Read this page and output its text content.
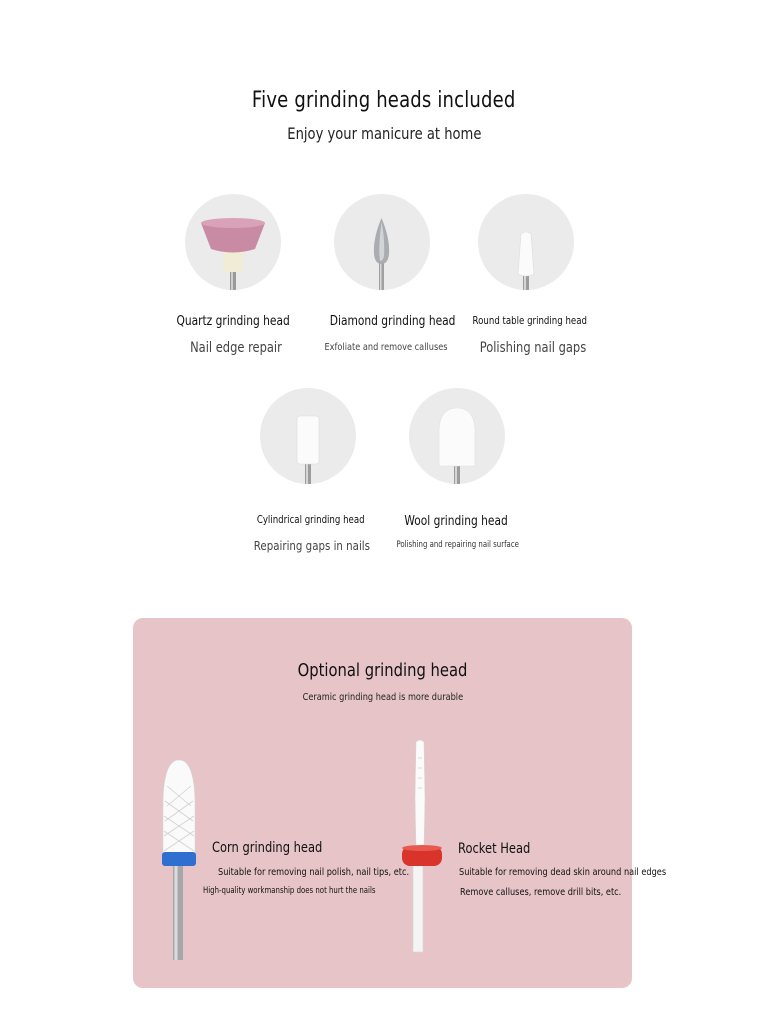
Five grinding heads included
Enjoy your manicure at home
Quartz grinding head
Nail edge repair
Diamond grinding head
Exfoliate and remove calluses
Round table grinding head
Polishing nail gaps
Cylindrical grinding head
Repairing gaps in nails
Wool grinding head
Polishing and repairing nail surface
Optional grinding head
Ceramic grinding head is more durable
Corn grinding head
Suitable for removing nail polish, nail tips, etc.
High-quality workmanship does not hurt the nails
Rocket Head
Suitable for removing dead skin around nail edges
Remove calluses, remove drill bits, etc.
